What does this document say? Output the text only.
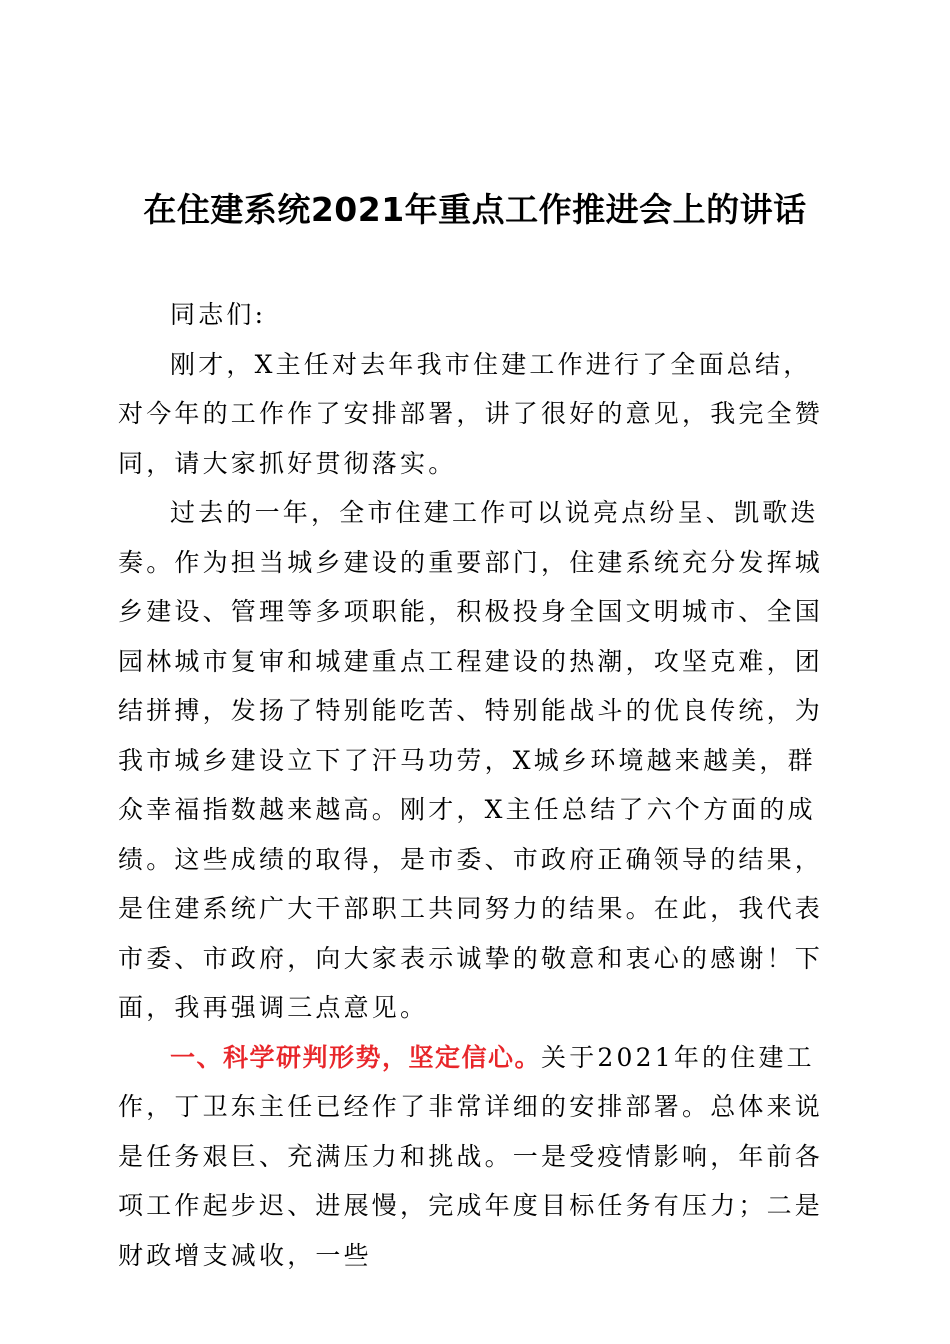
在住建系统2021年重点工作推进会上的讲话

同志们:

刚才，X主任对去年我市住建工作进行了全面总结，对今年的工作作了安排部署，讲了很好的意见，我完全赞同，请大家抓好贯彻落实。

过去的一年，全市住建工作可以说亮点纷呈、凯歌迭奏。作为担当城乡建设的重要部门，住建系统充分发挥城乡建设、管理等多项职能，积极投身全国文明城市、全国园林城市复审和城建重点工程建设的热潮，攻坚克难，团结拼搏，发扬了特别能吃苦、特别能战斗的优良传统，为我市城乡建设立下了汗马功劳，X城乡环境越来越美，群众幸福指数越来越高。刚才，X主任总结了六个方面的成绩。这些成绩的取得，是市委、市政府正确领导的结果，是住建系统广大干部职工共同努力的结果。在此，我代表市委、市政府，向大家表示诚挚的敬意和衷心的感谢！下面，我再强调三点意见。

一、科学研判形势，坚定信心。关于2021年的住建工作，丁卫东主任已经作了非常详细的安排部署。总体来说是任务艰巨、充满压力和挑战。一是受疫情影响，年前各项工作起步迟、进展慢，完成年度目标任务有压力；二是财政增支减收，一些
